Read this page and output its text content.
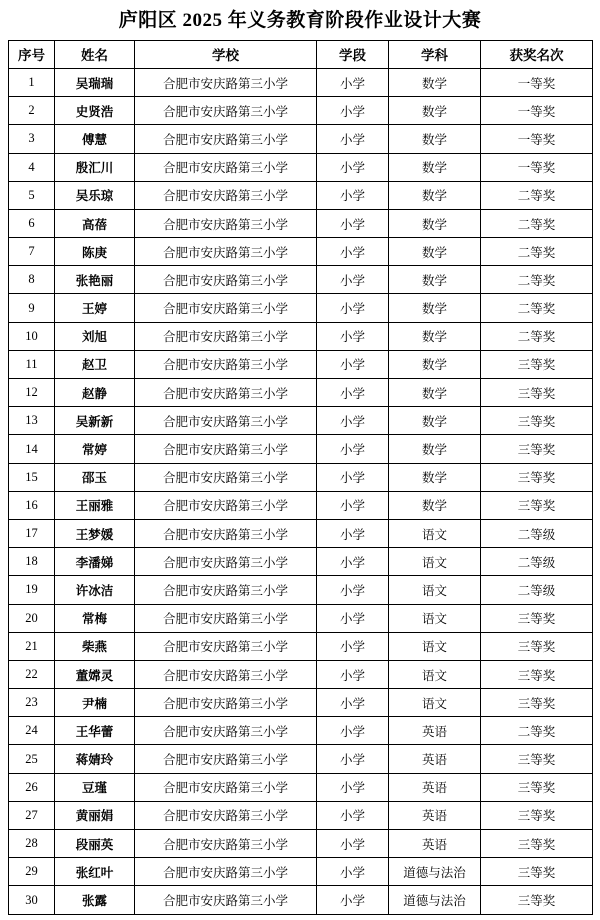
庐阳区 2025 年义务教育阶段作业设计大赛
序号	姓名	学校	学段	学科	获奖名次
1	吴瑞瑞	合肥市安庆路第三小学	小学	数学	一等奖
2	史贤浩	合肥市安庆路第三小学	小学	数学	一等奖
3	傅慧	合肥市安庆路第三小学	小学	数学	一等奖
4	殷汇川	合肥市安庆路第三小学	小学	数学	一等奖
5	吴乐琼	合肥市安庆路第三小学	小学	数学	二等奖
6	高蓓	合肥市安庆路第三小学	小学	数学	二等奖
7	陈庚	合肥市安庆路第三小学	小学	数学	二等奖
8	张艳丽	合肥市安庆路第三小学	小学	数学	二等奖
9	王婷	合肥市安庆路第三小学	小学	数学	二等奖
10	刘旭	合肥市安庆路第三小学	小学	数学	二等奖
11	赵卫	合肥市安庆路第三小学	小学	数学	三等奖
12	赵静	合肥市安庆路第三小学	小学	数学	三等奖
13	吴新新	合肥市安庆路第三小学	小学	数学	三等奖
14	常婷	合肥市安庆路第三小学	小学	数学	三等奖
15	邵玉	合肥市安庆路第三小学	小学	数学	三等奖
16	王丽雅	合肥市安庆路第三小学	小学	数学	三等奖
17	王梦媛	合肥市安庆路第三小学	小学	语文	二等级
18	李潘娣	合肥市安庆路第三小学	小学	语文	二等级
19	许冰洁	合肥市安庆路第三小学	小学	语文	二等级
20	常梅	合肥市安庆路第三小学	小学	语文	三等奖
21	柴燕	合肥市安庆路第三小学	小学	语文	三等奖
22	董嫦灵	合肥市安庆路第三小学	小学	语文	三等奖
23	尹楠	合肥市安庆路第三小学	小学	语文	三等奖
24	王华蕾	合肥市安庆路第三小学	小学	英语	二等奖
25	蒋婧玲	合肥市安庆路第三小学	小学	英语	三等奖
26	豆瑾	合肥市安庆路第三小学	小学	英语	三等奖
27	黄丽娟	合肥市安庆路第三小学	小学	英语	三等奖
28	段丽英	合肥市安庆路第三小学	小学	英语	三等奖
29	张红叶	合肥市安庆路第三小学	小学	道德与法治	三等奖
30	张露	合肥市安庆路第三小学	小学	道德与法治	三等奖
